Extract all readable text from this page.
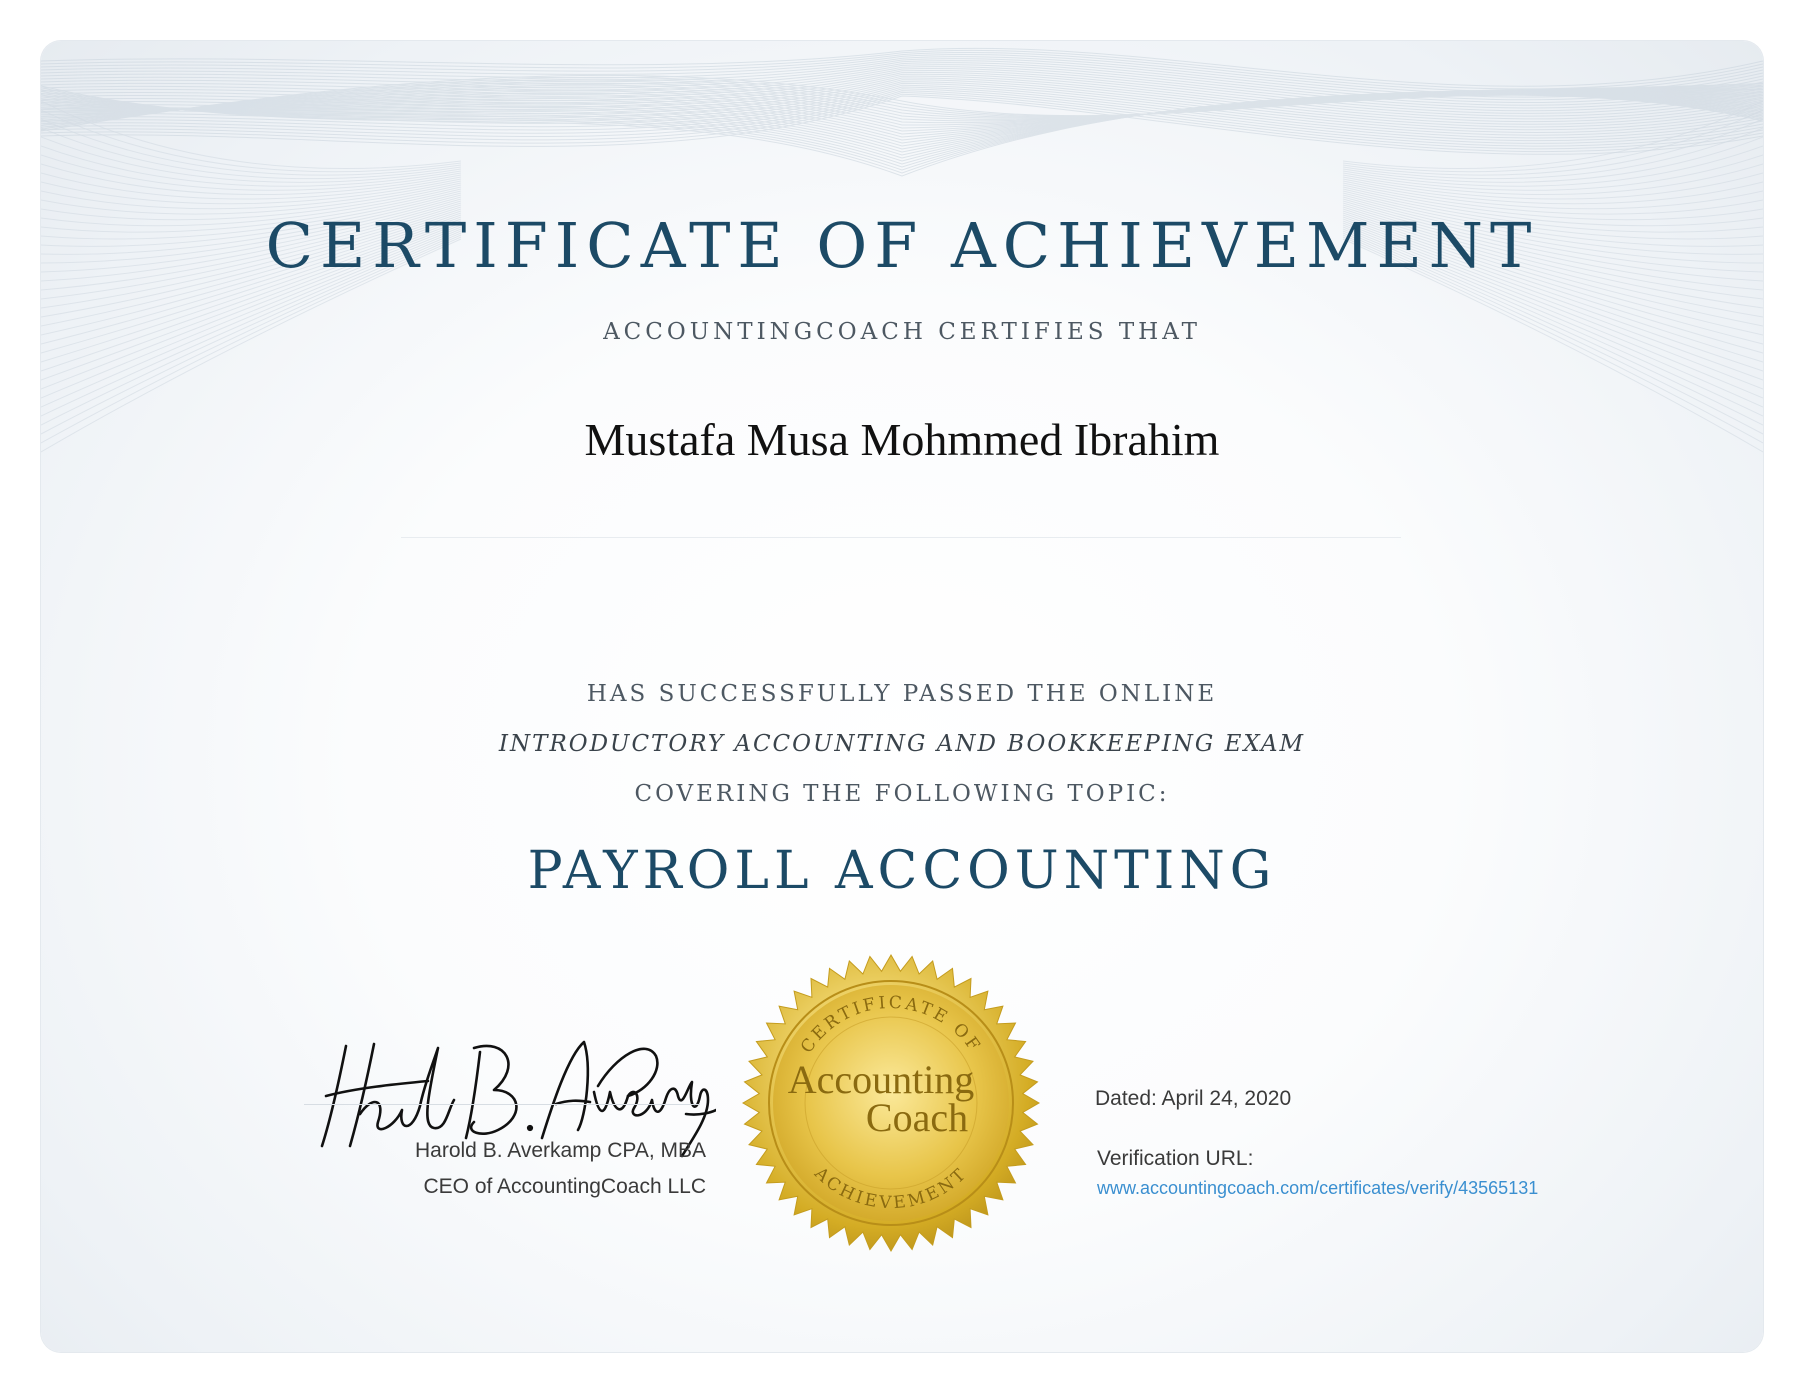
CERTIFICATE OF ACHIEVEMENT
ACCOUNTINGCOACH CERTIFIES THAT
Mustafa Musa Mohmmed Ibrahim
HAS SUCCESSFULLY PASSED THE ONLINE
INTRODUCTORY ACCOUNTING AND BOOKKEEPING EXAM
COVERING THE FOLLOWING TOPIC:
PAYROLL ACCOUNTING
Harold B. Averkamp CPA, MBA
CEO of AccountingCoach LLC
CERTIFICATE OF
ACHIEVEMENT
Accounting
Coach	Dated: April 24, 2020
Verification URL:
www.accountingcoach.com/certificates/verify/43565131
